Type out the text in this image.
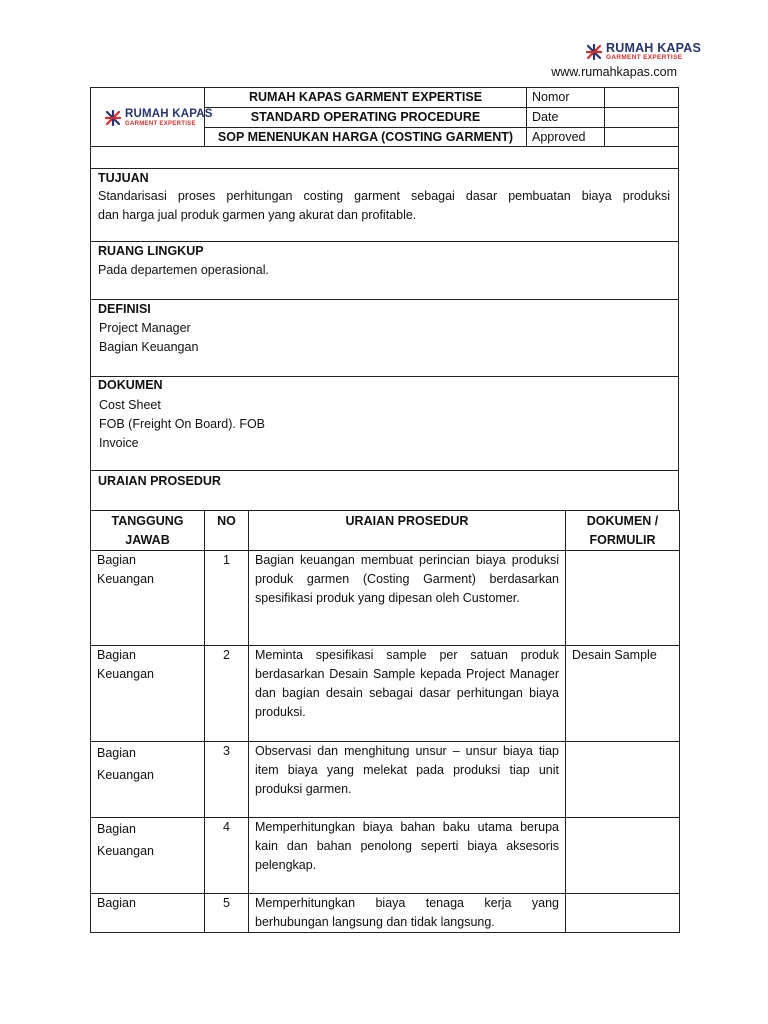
RUMAH KAPAS
GARMENT EXPERTISE
www.rumahkapas.com
RUMAH KAPAS
GARMENT EXPERTISE
RUMAH KAPAS GARMENT EXPERTISE
STANDARD OPERATING PROCEDURE
SOP MENENUKAN HARGA (COSTING GARMENT)
Nomor
Date
Approved
TUJUAN
Standarisasi proses perhitungan costing garment sebagai dasar pembuatan biaya produksi
dan harga jual produk garmen yang akurat dan profitable.
RUANG LINGKUP
Pada departemen operasional.
DEFINISI
Project Manager
Bagian Keuangan
DOKUMEN
Cost Sheet
FOB (Freight On Board). FOB
Invoice
URAIAN PROSEDUR
TANGGUNG
JAWAB	NO	URAIAN PROSEDUR	DOKUMEN /
FORMULIR
Bagian
Keuangan	1	Bagian keuangan membuat perincian biaya produksi produk garmen (Costing Garment) berdasarkan spesifikasi produk yang dipesan oleh Customer.	
Bagian
Keuangan	2	Meminta spesifikasi sample per satuan produk berdasarkan Desain Sample kepada Project Manager dan bagian desain sebagai dasar perhitungan biaya produksi.	Desain Sample
Bagian
Keuangan	3	Observasi dan menghitung unsur – unsur biaya tiap item biaya yang melekat pada produksi tiap unit produksi garmen.	
Bagian
Keuangan	4	Memperhitungkan biaya bahan baku utama berupa kain dan bahan penolong seperti biaya aksesoris pelengkap.	
Bagian	5	Memperhitungkan biaya tenaga kerja yang berhubungan langsung dan tidak langsung.	
